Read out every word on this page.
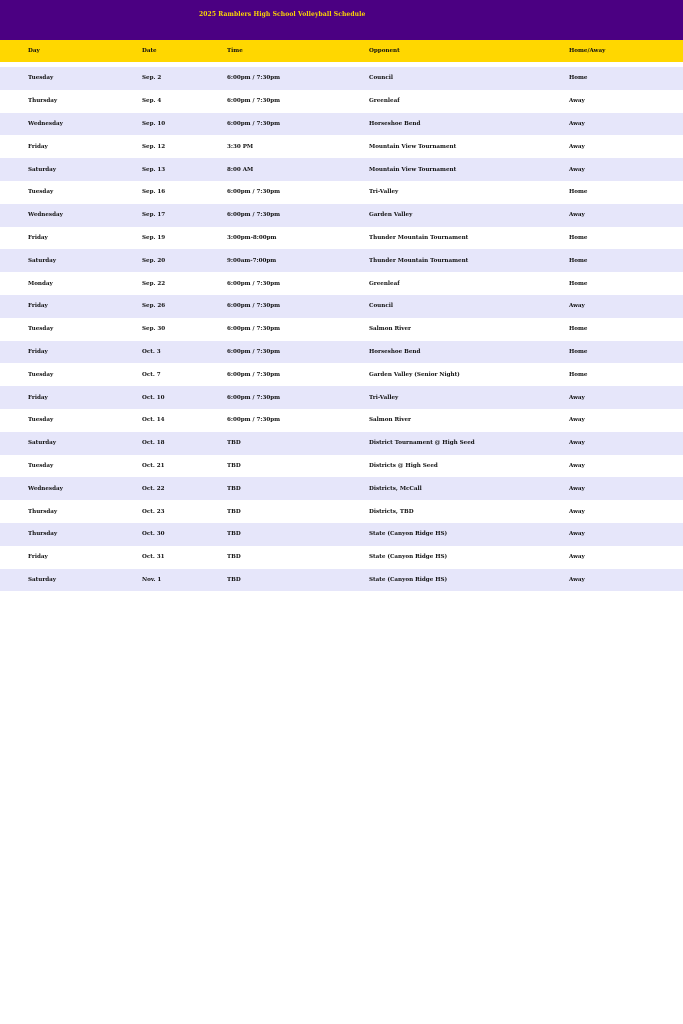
2025 Ramblers High School Volleyball Schedule
Day	Date	Time	Opponent	Home/Away
Tuesday	Sep. 2	6:00pm / 7:30pm	Council	Home
Thursday	Sep. 4	6:00pm / 7:30pm	Greenleaf	Away
Wednesday	Sep. 10	6:00pm / 7:30pm	Horseshoe Bend	Away
Friday	Sep. 12	3:30 PM	Mountain View Tournament	Away
Saturday	Sep. 13	8:00 AM	Mountain View Tournament	Away
Tuesday	Sep. 16	6:00pm / 7:30pm	Tri-Valley	Home
Wednesday	Sep. 17	6:00pm / 7:30pm	Garden Valley	Away
Friday	Sep. 19	3:00pm-8:00pm	Thunder Mountain Tournament	Home
Saturday	Sep. 20	9:00am-7:00pm	Thunder Mountain Tournament	Home
Monday	Sep. 22	6:00pm / 7:30pm	Greenleaf	Home
Friday	Sep. 26	6:00pm / 7:30pm	Council	Away
Tuesday	Sep. 30	6:00pm / 7:30pm	Salmon River	Home
Friday	Oct. 3	6:00pm / 7:30pm	Horseshoe Bend	Home
Tuesday	Oct. 7	6:00pm / 7:30pm	Garden Valley (Senior Night)	Home
Friday	Oct. 10	6:00pm / 7:30pm	Tri-Valley	Away
Tuesday	Oct. 14	6:00pm / 7:30pm	Salmon River	Away
Saturday	Oct. 18	TBD	District Tournament @ High Seed	Away
Tuesday	Oct. 21	TBD	Districts @ High Seed	Away
Wednesday	Oct. 22	TBD	Districts, McCall	Away
Thursday	Oct. 23	TBD	Districts, TBD	Away
Thursday	Oct. 30	TBD	State (Canyon Ridge HS)	Away
Friday	Oct. 31	TBD	State (Canyon Ridge HS)	Away
Saturday	Nov. 1	TBD	State (Canyon Ridge HS)	Away
